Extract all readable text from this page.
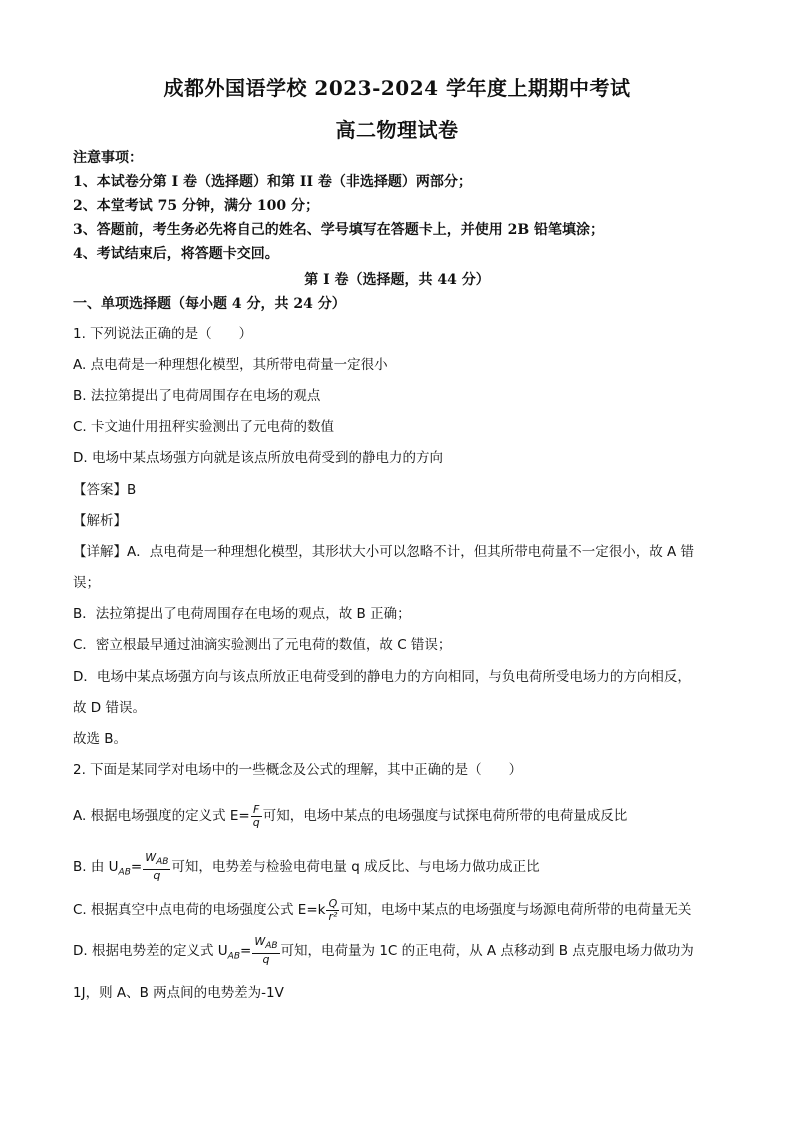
成都外国语学校 2023-2024 学年度上期期中考试
高二物理试卷
注意事项：
1、本试卷分第 I 卷（选择题）和第 II 卷（非选择题）两部分；
2、本堂考试 75 分钟，满分 100 分；
3、答题前，考生务必先将自己的姓名、学号填写在答题卡上，并使用 2B 铅笔填涂；
4、考试结束后，将答题卡交回。
第 I 卷（选择题，共 44 分）
一、单项选择题（每小题 4 分，共 24 分）
1. 下列说法正确的是（　　）
A. 点电荷是一种理想化模型，其所带电荷量一定很小
B. 法拉第提出了电荷周围存在电场的观点
C. 卡文迪什用扭秤实验测出了元电荷的数值
D. 电场中某点场强方向就是该点所放电荷受到的静电力的方向
【答案】B
【解析】
【详解】A．点电荷是一种理想化模型，其形状大小可以忽略不计，但其所带电荷量不一定很小，故 A 错
误；
B．法拉第提出了电荷周围存在电场的观点，故 B 正确；
C．密立根最早通过油滴实验测出了元电荷的数值，故 C 错误；
D．电场中某点场强方向与该点所放正电荷受到的静电力的方向相同，与负电荷所受电场力的方向相反，
故 D 错误。
故选 B。
2. 下面是某同学对电场中的一些概念及公式的理解，其中正确的是（　　）
A. 根据电场强度的定义式 $E= \frac{F}{q}$ 可知，电场中某点的电场强度与试探电荷所带的电荷量成反比
B. 由 $U_{AB}= \frac{W_{AB}}{q}$ 可知，电势差与检验电荷电量 q 成反比、与电场力做功成正比
C. 根据真空中点电荷的电场强度公式 $E=k \frac{Q}{\text{r²}}$ 可知，电场中某点的电场强度与场源电荷所带的电荷量无关
D. 根据电势差的定义式 $U_{AB}= \frac{W_{AB}}{q}$ 可知，电荷量为 1C 的正电荷，从 A 点移动到 B 点克服电场力做功为
1J，则 A、B 两点间的电势差为-1V
